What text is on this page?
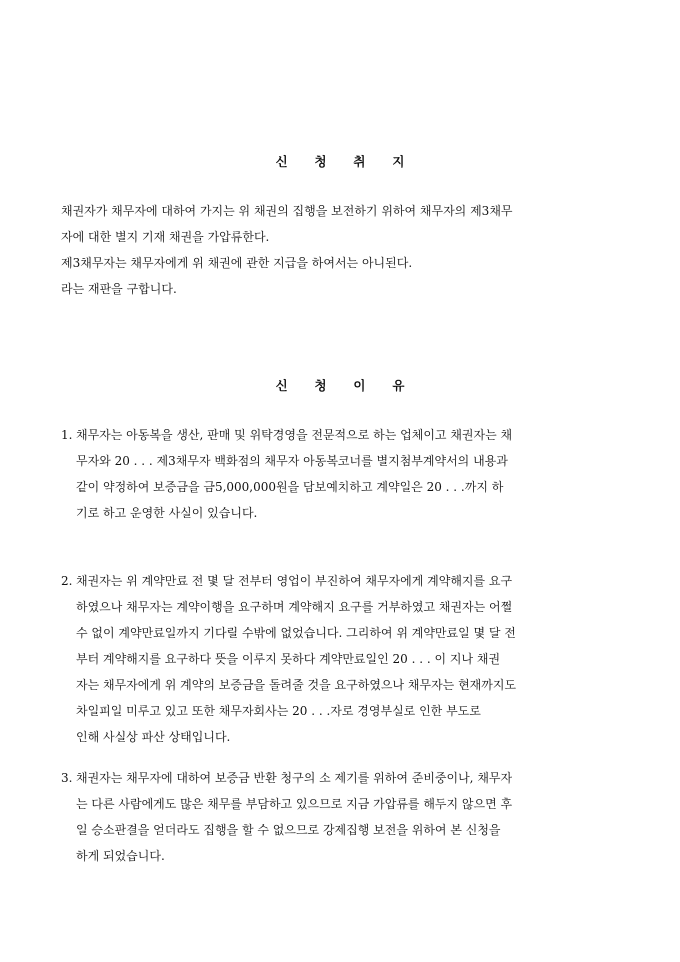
신 청 취 지

채권자가 채무자에 대하여 가지는 위 채권의 집행을 보전하기 위하여 채무자의 제3채무

자에 대한 별지 기재 채권을 가압류한다.

제3채무자는 채무자에게 위 채권에 관한 지급을 하여서는 아니된다.

라는 재판을 구합니다.

신 청 이 유
1. 채무자는 아동복을 생산, 판매 및 위탁경영을 전문적으로 하는 업체이고 채권자는 채

무자와 20 . . . 제3채무자 백화점의 채무자 아동복코너를 별지첨부계약서의 내용과

같이 약정하여 보증금을 금5,000,000원을 담보예치하고 계약일은 20 . . .까지 하

기로 하고 운영한 사실이 있습니다.

2. 채권자는 위 계약만료 전 몇 달 전부터 영업이 부진하여 채무자에게 계약해지를 요구

하였으나 채무자는 계약이행을 요구하며 계약해지 요구를 거부하였고 채권자는 어쩔

수 없이 계약만료일까지 기다릴 수밖에 없었습니다. 그리하여 위 계약만료일 몇 달 전

부터 계약해지를 요구하다 뜻을 이루지 못하다 계약만료일인 20 . . . 이 지나 채권

자는 채무자에게 위 계약의 보증금을 돌려줄 것을 요구하였으나 채무자는 현재까지도

차일피일 미루고 있고 또한 채무자회사는 20 . . .자로 경영부실로 인한 부도로

인해 사실상 파산 상태입니다.

3. 채권자는 채무자에 대하여 보증금 반환 청구의 소 제기를 위하여 준비중이나, 채무자

는 다른 사람에게도 많은 채무를 부담하고 있으므로 지금 가압류를 해두지 않으면 후

일 승소판결을 얻더라도 집행을 할 수 없으므로 강제집행 보전을 위하여 본 신청을

하게 되었습니다.
